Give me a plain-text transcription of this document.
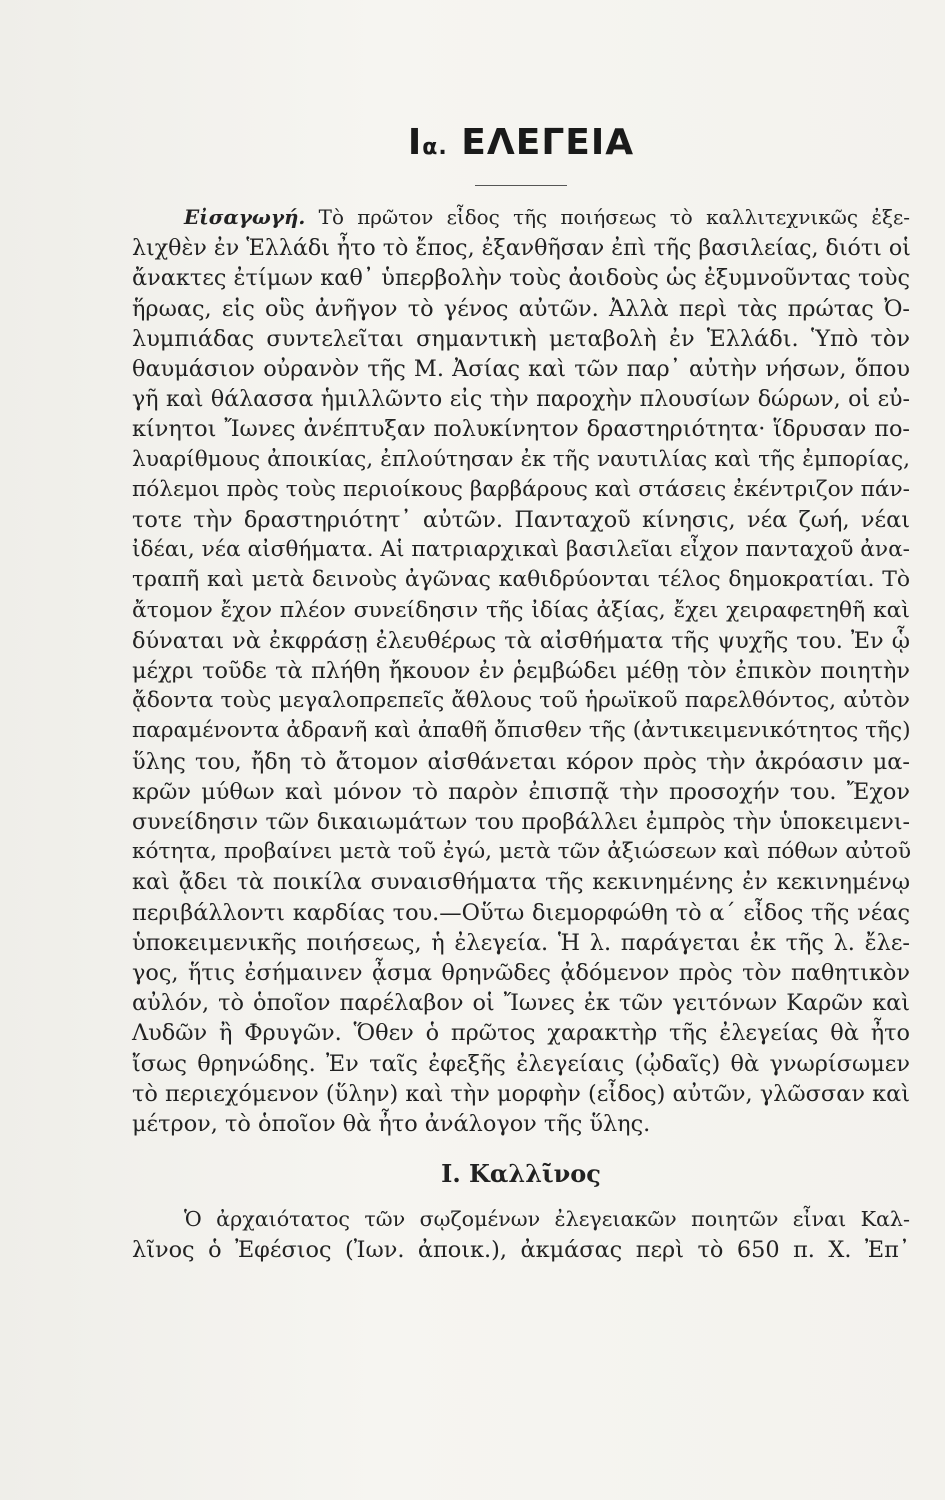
Iα. ΕΛΕΓΕΙΑ
Εἰσαγωγή. Τὸ πρῶτον εἶδος τῆς ποιήσεως τὸ καλλιτεχνικῶς ἐξε-
λιχθὲν ἐν Ἑλλάδι ἦτο τὸ ἔπος, ἐξανθῆσαν ἐπὶ τῆς βασιλείας, διότι οἱ
ἄνακτες ἐτίμων καθ᾽ ὑπερβολὴν τοὺς ἀοιδοὺς ὡς ἐξυμνοῦντας τοὺς
ἥρωας, εἰς οὓς ἀνῆγον τὸ γένος αὐτῶν. Ἀλλὰ περὶ τὰς πρώτας Ὀ-
λυμπιάδας συντελεῖται σημαντικὴ μεταβολὴ ἐν Ἑλλάδι. Ὑπὸ τὸν
θαυμάσιον οὐρανὸν τῆς Μ. Ἀσίας καὶ τῶν παρ᾽ αὐτὴν νήσων, ὅπου
γῆ καὶ θάλασσα ἡμιλλῶντο εἰς τὴν παροχὴν πλουσίων δώρων, οἱ εὐ-
κίνητοι Ἴωνες ἀνέπτυξαν πολυκίνητον δραστηριότητα· ἵδρυσαν πο-
λυαρίθμους ἀποικίας, ἐπλούτησαν ἐκ τῆς ναυτιλίας καὶ τῆς ἐμπορίας,
πόλεμοι πρὸς τοὺς περιοίκους βαρβάρους καὶ στάσεις ἐκέντριζον πάν-
τοτε τὴν δραστηριότητ᾽ αὐτῶν. Πανταχοῦ κίνησις, νέα ζωή, νέαι
ἰδέαι, νέα αἰσθήματα. Αἱ πατριαρχικαὶ βασιλεῖαι εἶχον πανταχοῦ ἀνα-
τραπῆ καὶ μετὰ δεινοὺς ἀγῶνας καθιδρύονται τέλος δημοκρατίαι. Τὸ
ἄτομον ἔχον πλέον συνείδησιν τῆς ἰδίας ἀξίας, ἔχει χειραφετηθῆ καὶ
δύναται νὰ ἐκφράσῃ ἐλευθέρως τὰ αἰσθήματα τῆς ψυχῆς του. Ἐν ᾧ
μέχρι τοῦδε τὰ πλήθη ἤκουον ἐν ῥεμβώδει μέθῃ τὸν ἐπικὸν ποιητὴν
ᾄδοντα τοὺς μεγαλοπρεπεῖς ἄθλους τοῦ ἡρωϊκοῦ παρελθόντος, αὐτὸν
παραμένοντα ἀδρανῆ καὶ ἀπαθῆ ὄπισθεν τῆς (ἀντικειμενικότητος τῆς)
ὕλης του, ἤδη τὸ ἄτομον αἰσθάνεται κόρον πρὸς τὴν ἀκρόασιν μα-
κρῶν μύθων καὶ μόνον τὸ παρὸν ἐπισπᾷ τὴν προσοχήν του. Ἔχον
συνείδησιν τῶν δικαιωμάτων του προβάλλει ἐμπρὸς τὴν ὑποκειμενι-
κότητα, προβαίνει μετὰ τοῦ ἐγώ, μετὰ τῶν ἀξιώσεων καὶ πόθων αὐτοῦ
καὶ ᾄδει τὰ ποικίλα συναισθήματα τῆς κεκινημένης ἐν κεκινημένῳ
περιβάλλοντι καρδίας του.—Οὕτω διεμορφώθη τὸ α´ εἶδος τῆς νέας
ὑποκειμενικῆς ποιήσεως, ἡ ἐλεγεία. Ἡ λ. παράγεται ἐκ τῆς λ. ἔλε-
γος, ἥτις ἐσήμαινεν ᾆσμα θρηνῶδες ᾀδόμενον πρὸς τὸν παθητικὸν
αὐλόν, τὸ ὁποῖον παρέλαβον οἱ Ἴωνες ἐκ τῶν γειτόνων Καρῶν καὶ
Λυδῶν ἢ Φρυγῶν. Ὅθεν ὁ πρῶτος χαρακτὴρ τῆς ἐλεγείας θὰ ἦτο
ἴσως θρηνώδης. Ἐν ταῖς ἐφεξῆς ἐλεγείαις (ᾠδαῖς) θὰ γνωρίσωμεν
τὸ περιεχόμενον (ὕλην) καὶ τὴν μορφὴν (εἶδος) αὐτῶν, γλῶσσαν καὶ
μέτρον, τὸ ὁποῖον θὰ ἦτο ἀνάλογον τῆς ὕλης.
I. Καλλῖνος
Ὁ ἀρχαιότατος τῶν σῳζομένων ἐλεγειακῶν ποιητῶν εἶναι Καλ-
λῖνος ὁ Ἐφέσιος (Ἰων. ἀποικ.), ἀκμάσας περὶ τὸ 650 π. Χ. Ἐπ᾽
